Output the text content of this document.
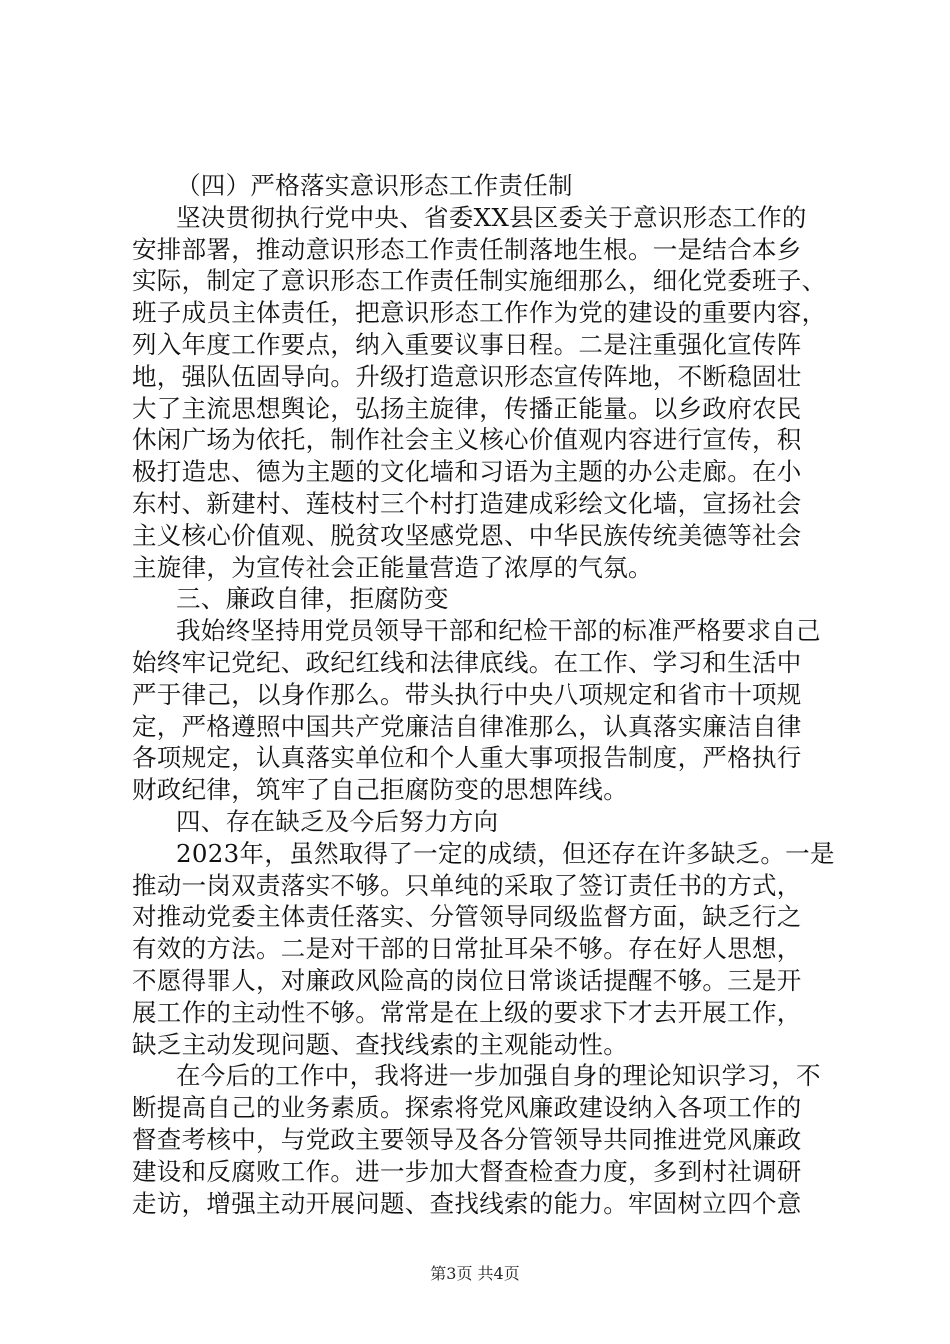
（四）严格落实意识形态工作责任制
坚决贯彻执行党中央、省委XX县区委关于意识形态工作的
安排部署，推动意识形态工作责任制落地生根。一是结合本乡
实际，制定了意识形态工作责任制实施细那么，细化党委班子、
班子成员主体责任，把意识形态工作作为党的建设的重要内容，
列入年度工作要点，纳入重要议事日程。二是注重强化宣传阵
地，强队伍固导向。升级打造意识形态宣传阵地，不断稳固壮
大了主流思想舆论，弘扬主旋律，传播正能量。以乡政府农民
休闲广场为依托，制作社会主义核心价值观内容进行宣传，积
极打造忠、德为主题的文化墙和习语为主题的办公走廊。在小
东村、新建村、莲枝村三个村打造建成彩绘文化墙，宣扬社会
主义核心价值观、脱贫攻坚感党恩、中华民族传统美德等社会
主旋律，为宣传社会正能量营造了浓厚的气氛。
三、廉政自律，拒腐防变
我始终坚持用党员领导干部和纪检干部的标准严格要求自己
始终牢记党纪、政纪红线和法律底线。在工作、学习和生活中
严于律己，以身作那么。带头执行中央八项规定和省市十项规
定，严格遵照中国共产党廉洁自律准那么，认真落实廉洁自律
各项规定，认真落实单位和个人重大事项报告制度，严格执行
财政纪律，筑牢了自己拒腐防变的思想阵线。
四、存在缺乏及今后努力方向
2023年，虽然取得了一定的成绩，但还存在许多缺乏。一是
推动一岗双责落实不够。只单纯的采取了签订责任书的方式，
对推动党委主体责任落实、分管领导同级监督方面，缺乏行之
有效的方法。二是对干部的日常扯耳朵不够。存在好人思想，
不愿得罪人，对廉政风险高的岗位日常谈话提醒不够。三是开
展工作的主动性不够。常常是在上级的要求下才去开展工作，
缺乏主动发现问题、查找线索的主观能动性。
在今后的工作中，我将进一步加强自身的理论知识学习，不
断提高自己的业务素质。探索将党风廉政建设纳入各项工作的
督查考核中，与党政主要领导及各分管领导共同推进党风廉政
建设和反腐败工作。进一步加大督查检查力度，多到村社调研
走访，增强主动开展问题、查找线索的能力。牢固树立四个意
第3页 共4页
